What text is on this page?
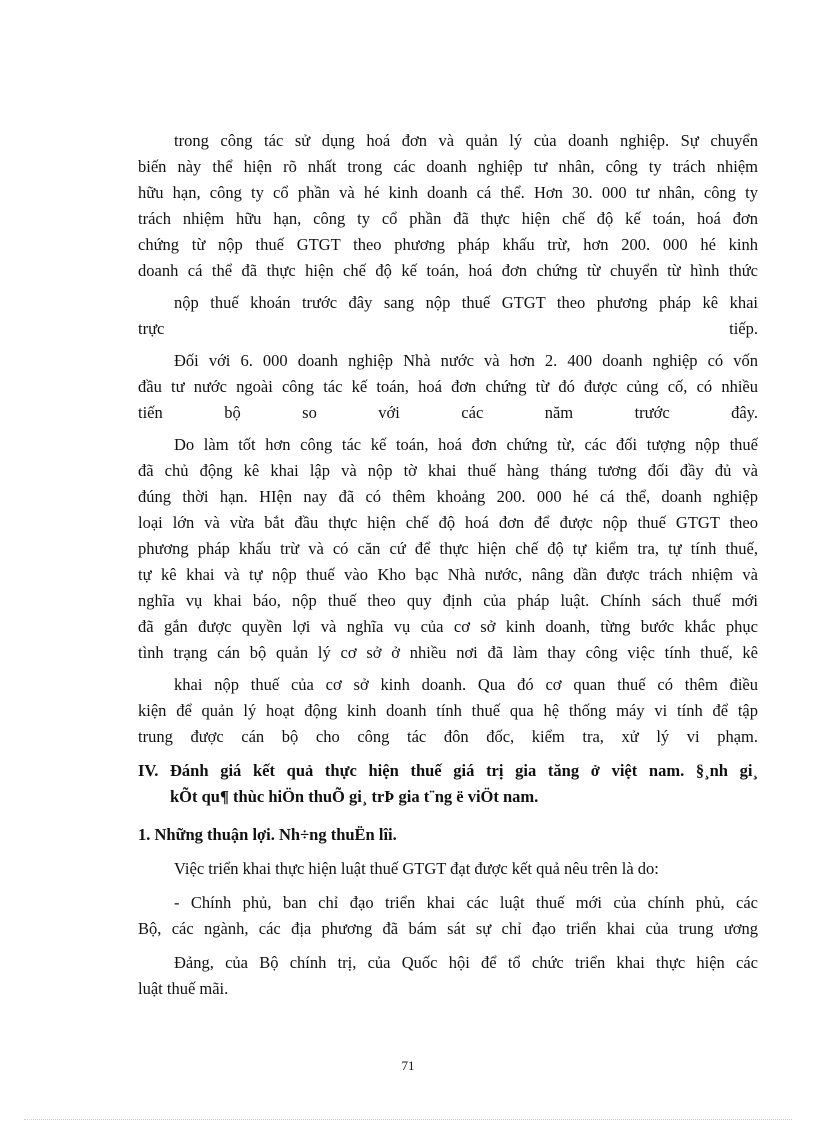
trong công tác sử dụng hoá đơn và quản lý của doanh nghiệp. Sự chuyển
biến này thể hiện rõ nhất trong các doanh nghiệp tư nhân, công ty trách nhiệm
hữu hạn, công ty cổ phần và hé kinh doanh cá thể. Hơn 30. 000 tư nhân, công ty
trách nhiệm hữu hạn, công ty cổ phần đã thực hiện chế độ kế toán, hoá đơn
chứng từ nộp thuế GTGT theo phương pháp khấu trừ, hơn 200. 000 hé kinh
doanh cá thể đã thực hiện chế độ kế toán, hoá đơn chứng từ chuyển từ hình thức
nộp thuế khoán trước đây sang nộp thuế GTGT theo phương pháp kê khai
trực tiếp.
Đối với 6. 000 doanh nghiệp Nhà nước và hơn 2. 400 doanh nghiệp có vốn
đầu tư nước ngoài công tác kế toán, hoá đơn chứng từ đó được củng cố, có nhiều
tiến bộ so với các năm trước đây.
Do làm tốt hơn công tác kế toán, hoá đơn chứng từ, các đối tượng nộp thuế
đã chủ động kê khai lập và nộp tờ khai thuế hàng tháng tương đối đầy đủ và
đúng thời hạn. HIện nay đã có thêm khoảng 200. 000 hé cá thể, doanh nghiệp
loại lớn và vừa bắt đầu thực hiện chế độ hoá đơn để được nộp thuế GTGT theo
phương pháp khấu trừ và có căn cứ để thực hiện chế độ tự kiểm tra, tự tính thuế,
tự kê khai và tự nộp thuế vào Kho bạc Nhà nước, nâng dần được trách nhiệm và
nghĩa vụ khai báo, nộp thuế theo quy định của pháp luật. Chính sách thuế mới
đã gắn được quyền lợi và nghĩa vụ của cơ sở kinh doanh, từng bước khắc phục
tình trạng cán bộ quản lý cơ sở ở nhiều nơi đã làm thay công việc tính thuế, kê
khai nộp thuế của cơ sở kinh doanh. Qua đó cơ quan thuế có thêm điều
kiện để quản lý hoạt động kinh doanh tính thuế qua hệ thống máy vi tính để tập
trung được cán bộ cho công tác đôn đốc, kiểm tra, xử lý vi phạm.
IV. Đánh giá kết quả thực hiện thuế giá trị gia tăng ở việt nam. §¸nh gi¸
kÕt qu¶ thùc hiÖn thuÕ gi¸ trÞ gia t¨ng ë viÖt nam.
1. Những thuận lợi. Nh÷ng thuËn lîi.
Việc triển khai thực hiện luật thuế GTGT đạt được kết quả nêu trên là do:
- Chính phủ, ban chỉ đạo triển khai các luật thuế mới của chính phủ, các
Bộ, các ngành, các địa phương đã bám sát sự chỉ đạo triển khai của trung ương
Đảng, của Bộ chính trị, của Quốc hội để tổ chức triển khai thực hiện các
luật thuế mãi.
71
